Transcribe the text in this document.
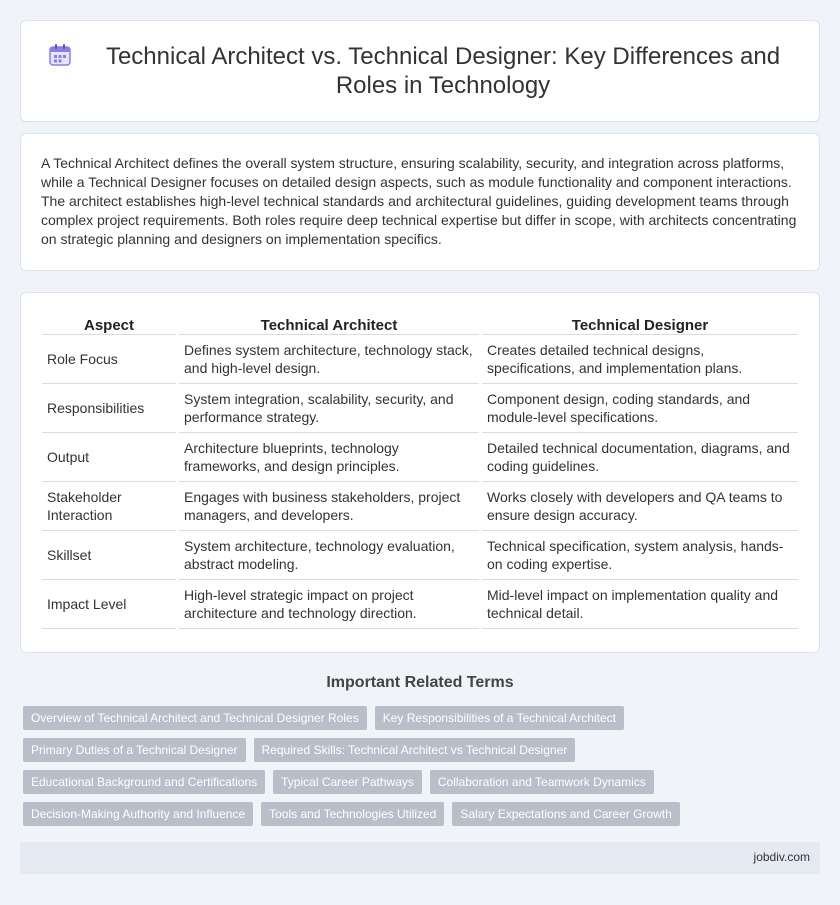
Technical Architect vs. Technical Designer: Key Differences and Roles in Technology

A Technical Architect defines the overall system structure, ensuring scalability, security, and integration across platforms, while a Technical Designer focuses on detailed design aspects, such as module functionality and component interactions. The architect establishes high-level technical standards and architectural guidelines, guiding development teams through complex project requirements. Both roles require deep technical expertise but differ in scope, with architects concentrating on strategic planning and designers on implementation specifics.

Aspect	Technical Architect	Technical Designer
Role Focus	Defines system architecture, technology stack, and high-level design.	Creates detailed technical designs, specifications, and implementation plans.
Responsibilities	System integration, scalability, security, and performance strategy.	Component design, coding standards, and module-level specifications.
Output	Architecture blueprints, technology frameworks, and design principles.	Detailed technical documentation, diagrams, and coding guidelines.
Stakeholder Interaction	Engages with business stakeholders, project managers, and developers.	Works closely with developers and QA teams to ensure design accuracy.
Skillset	System architecture, technology evaluation, abstract modeling.	Technical specification, system analysis, hands-on coding expertise.
Impact Level	High-level strategic impact on project architecture and technology direction.	Mid-level impact on implementation quality and technical detail.
Important Related Terms
Overview of Technical Architect and Technical Designer Roles	Key Responsibilities of a Technical Architect
Primary Duties of a Technical Designer	Required Skills: Technical Architect vs Technical Designer
Educational Background and Certifications	Typical Career Pathways	Collaboration and Teamwork Dynamics
Decision-Making Authority and Influence	Tools and Technologies Utilized	Salary Expectations and Career Growth
jobdiv.com
